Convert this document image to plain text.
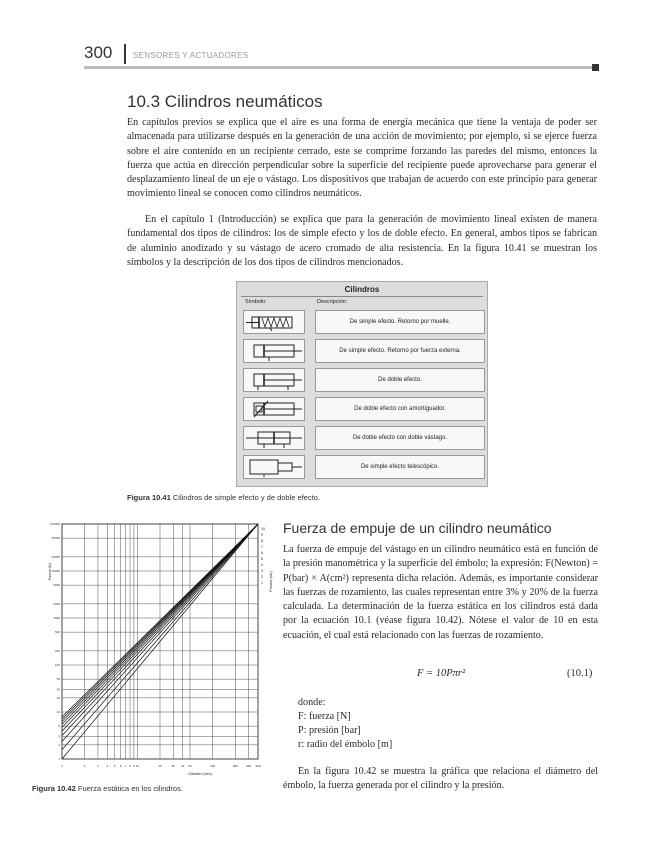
300	SENSORES Y ACTUADORES
10.3 Cilindros neumáticos

En capítulos previos se explica que el aire es una forma de energía mecánica que tiene la ventaja de poder ser almacenada para utilizarse después en la generación de una acción de movimiento; por ejemplo, si se ejerce fuerza sobre el aire contenido en un recipiente cerrado, este se comprime forzando las paredes del mismo, entonces la fuerza que actúa en dirección perpendicular sobre la superficie del recipiente puede aprovecharse para generar el desplazamiento lineal de un eje o vástago. Los dispositivos que trabajan de acuerdo con este principio para generar movimiento lineal se conocen como cilindros neumáticos.

En el capítulo 1 (Introducción) se explica que para la generación de movimiento lineal existen de manera fundamental dos tipos de cilindros: los de simple efecto y los de doble efecto. En general, ambos tipos se fabrican de aluminio anodizado y su vástago de acero cromado de alta resistencia. En la figura 10.41 se muestran los símbolos y la descripción de los dos tipos de cilindros mencionados.

Cilindros
Símbolo:	Descripción:
De simple efecto. Retorno por muelle.
De simple efecto. Retorno por fuerza externa.
De doble efecto.
De doble efecto con amortiguador.
De doble efecto con doble vástago.
De simple efecto telescópico.
Figura 10.41 Cilindros de simple efecto y de doble efecto.
1	2	3	4 5 6 7 8 9 10	20	30 40 50	100	200	300 400
1
2
3
5
10
20
30
50
100
200
500
1000
2000
5000
10000
20000
50000
100000
10
9
8
7
6
5
4
3
2
1
Diámetro (mm)
Fuerza (N)	Presión (bar)
Figura 10.42 Fuerza estática en los cilindros.
Fuerza de empuje de un cilindro neumático

La fuerza de empuje del vástago en un cilindro neumático está en función de la presión manométrica y la superficie del émbolo; la expresión: F(Newton) = P(bar) × A(cm²) representa dicha relación. Además, es importante considerar las fuerzas de rozamiento, las cuales representan entre 3% y 20% de la fuerza calculada. La determinación de la fuerza estática en los cilindros está dada por la ecuación 10.1 (véase figura 10.42). Nótese el valor de 10 en esta ecuación, el cual está relacionado con las fuerzas de rozamiento.

F = 10Pπr²	(10.1)
donde:
F: fuerza [N]
P: presión [bar]
r: radio del émbolo [m]

En la figura 10.42 se muestra la gráfica que relaciona el diámetro del émbolo, la fuerza generada por el cilindro y la presión.
